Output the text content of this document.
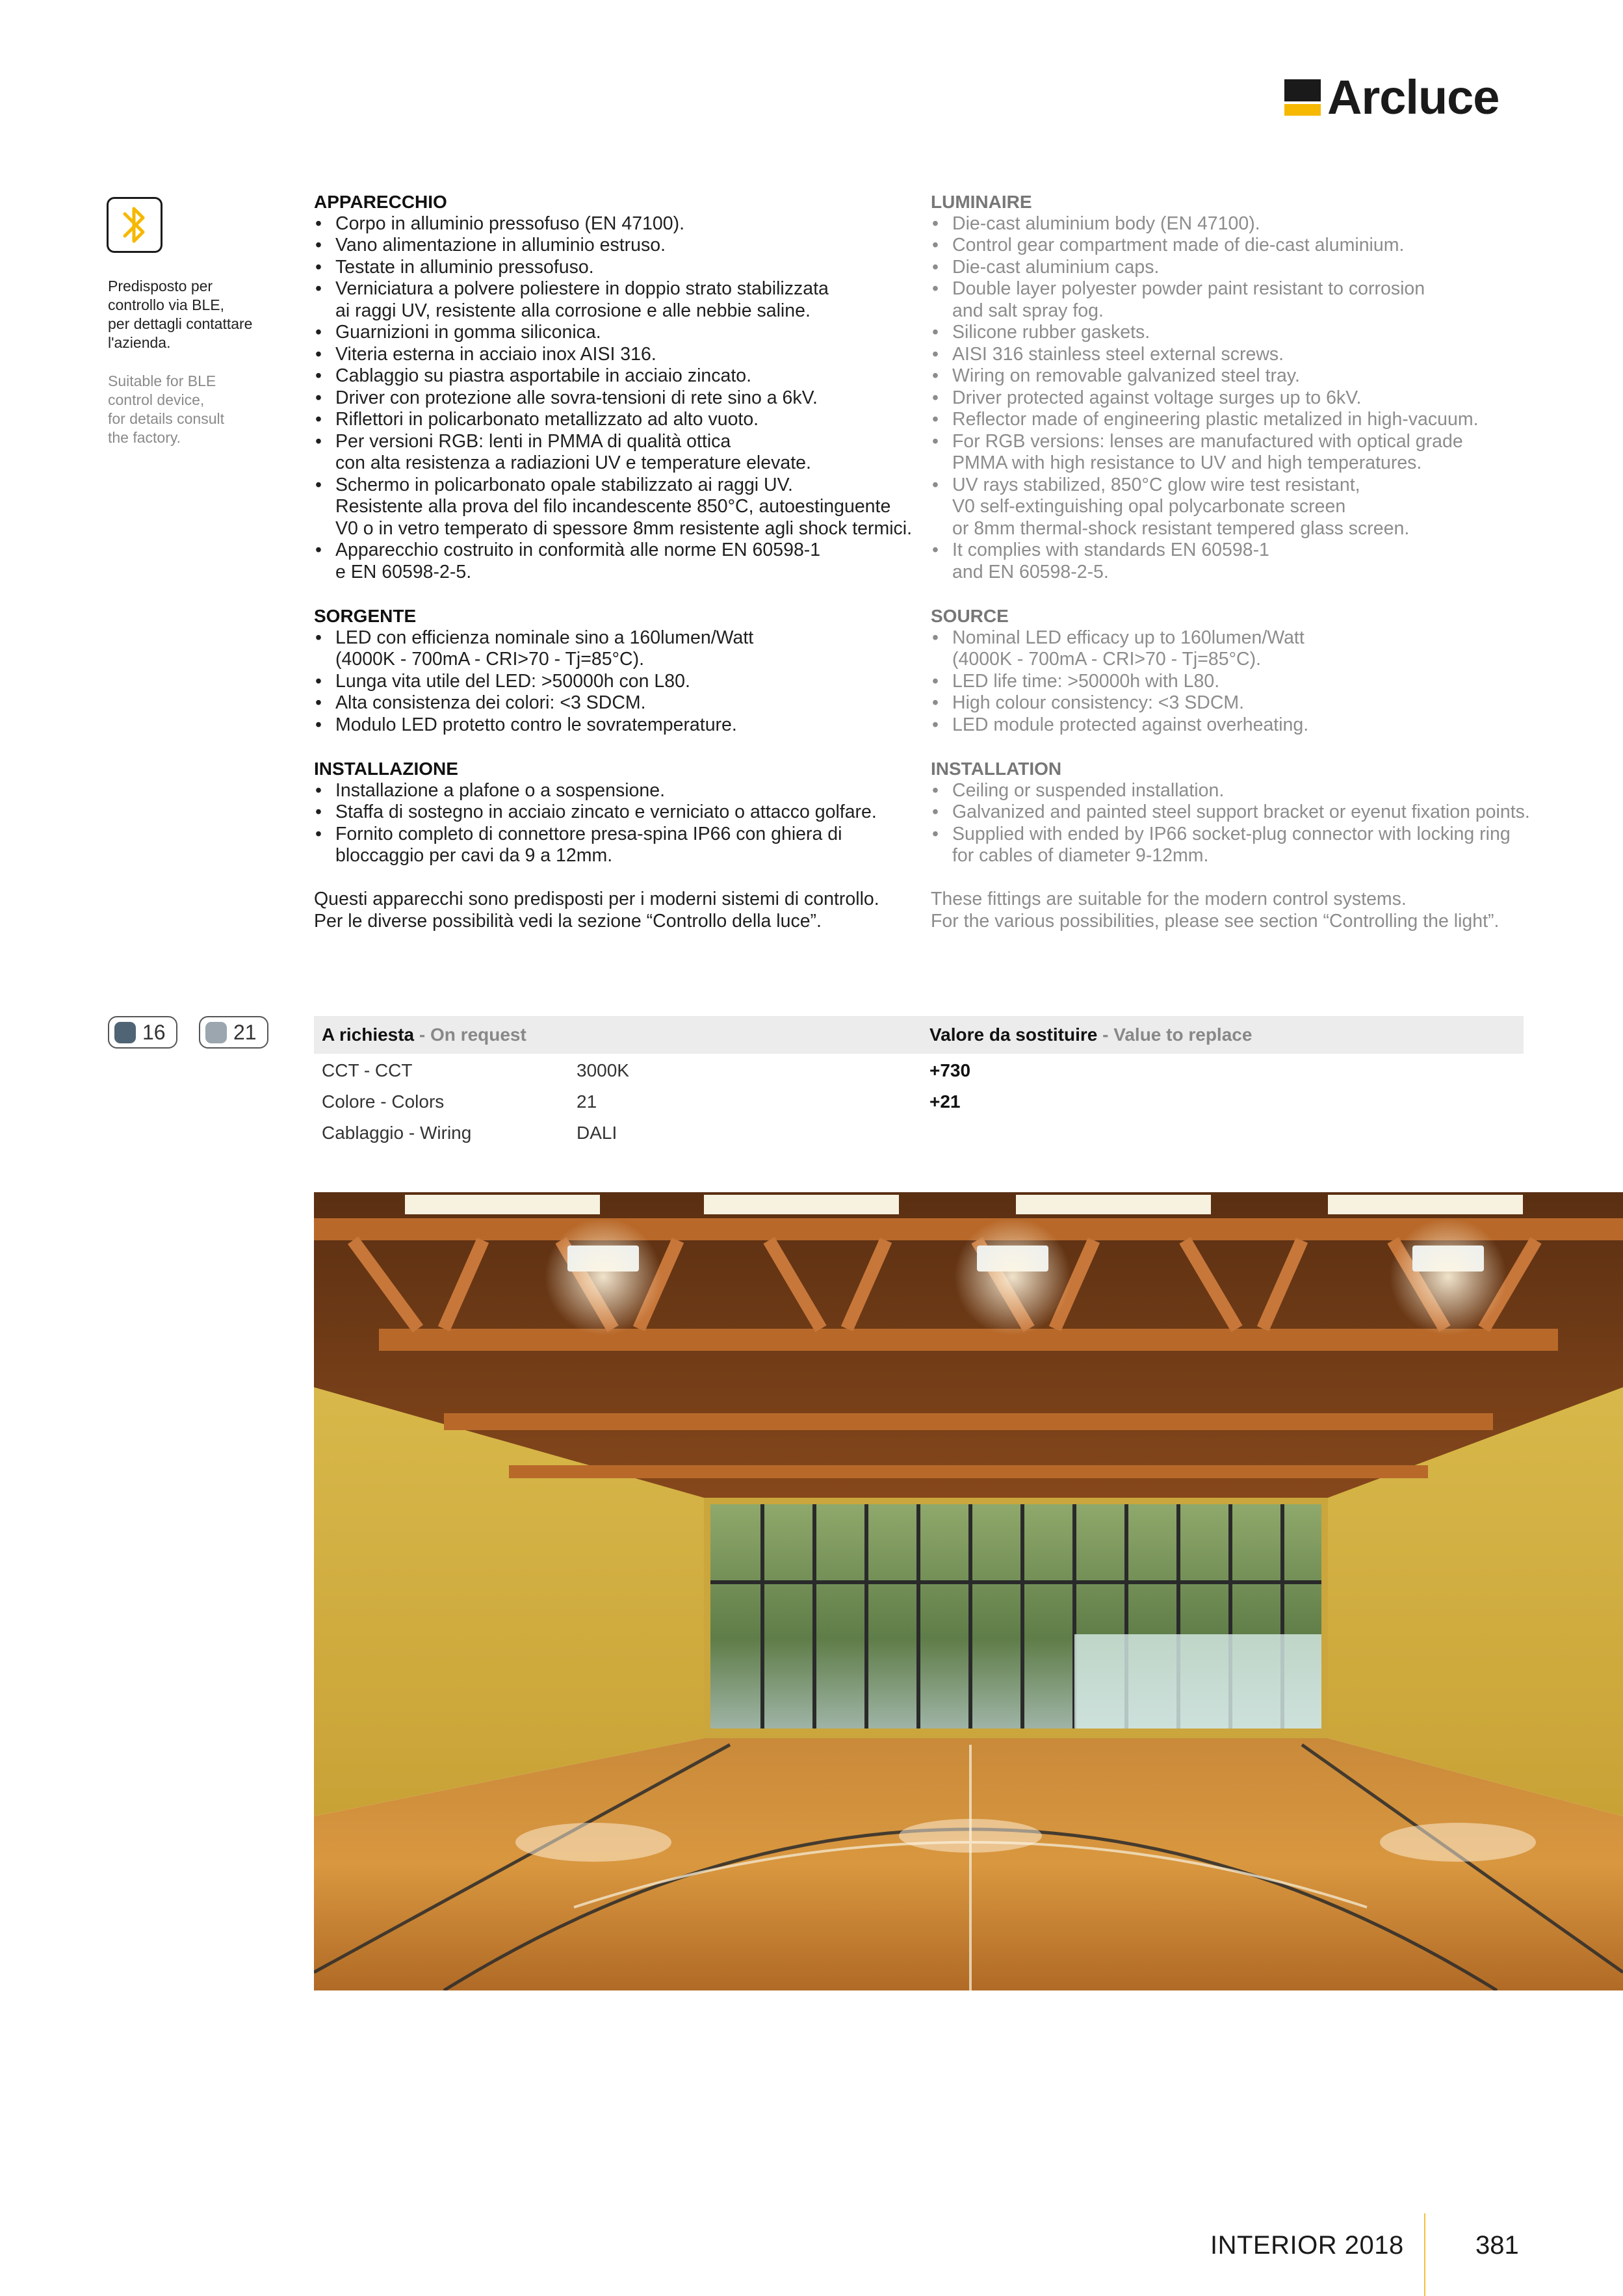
Arcluce
Predisposto per
controllo via BLE,
per dettagli contattare
l'azienda.
Suitable for BLE
control device,
for details consult
the factory.
APPARECCHIO
• Corpo in alluminio pressofuso (EN 47100).
• Vano alimentazione in alluminio estruso.
• Testate in alluminio pressofuso.
• Verniciatura a polvere poliestere in doppio strato stabilizzata
ai raggi UV, resistente alla corrosione e alle nebbie saline.
• Guarnizioni in gomma siliconica.
• Viteria esterna in acciaio inox AISI 316.
• Cablaggio su piastra asportabile in acciaio zincato.
• Driver con protezione alle sovra-tensioni di rete sino a 6kV.
• Riflettori in policarbonato metallizzato ad alto vuoto.
• Per versioni RGB: lenti in PMMA di qualità ottica
con alta resistenza a radiazioni UV e temperature elevate.
• Schermo in policarbonato opale stabilizzato ai raggi UV.
Resistente alla prova del filo incandescente 850°C, autoestinguente
V0 o in vetro temperato di spessore 8mm resistente agli shock termici.
• Apparecchio costruito in conformità alle norme EN 60598-1
e EN 60598-2-5.
SORGENTE
• LED con efficienza nominale sino a 160lumen/Watt
(4000K - 700mA - CRI>70 - Tj=85°C).
• Lunga vita utile del LED: >50000h con L80.
• Alta consistenza dei colori: <3 SDCM.
• Modulo LED protetto contro le sovratemperature.
INSTALLAZIONE
• Installazione a plafone o a sospensione.
• Staffa di sostegno in acciaio zincato e verniciato o attacco golfare.
• Fornito completo di connettore presa-spina IP66 con ghiera di
bloccaggio per cavi da 9 a 12mm.

Questi apparecchi sono predisposti per i moderni sistemi di controllo.

Per le diverse possibilità vedi la sezione “Controllo della luce”.

LUMINAIRE
• Die-cast aluminium body (EN 47100).
• Control gear compartment made of die-cast aluminium.
• Die-cast aluminium caps.
• Double layer polyester powder paint resistant to corrosion
and salt spray fog.
• Silicone rubber gaskets.
• AISI 316 stainless steel external screws.
• Wiring on removable galvanized steel tray.
• Driver protected against voltage surges up to 6kV.
• Reflector made of engineering plastic metalized in high-vacuum.
• For RGB versions: lenses are manufactured with optical grade
PMMA with high resistance to UV and high temperatures.
• UV rays stabilized, 850°C glow wire test resistant,
V0 self-extinguishing opal polycarbonate screen
or 8mm thermal-shock resistant tempered glass screen.
• It complies with standards EN 60598-1
and EN 60598-2-5.
SOURCE
• Nominal LED efficacy up to 160lumen/Watt
(4000K - 700mA - CRI>70 - Tj=85°C).
• LED life time: >50000h with L80.
• High colour consistency: <3 SDCM.
• LED module protected against overheating.
INSTALLATION
• Ceiling or suspended installation.
• Galvanized and painted steel support bracket or eyenut fixation points.
• Supplied with ended by IP66 socket-plug connector with locking ring
for cables of diameter 9-12mm.

These fittings are suitable for the modern control systems.

For the various possibilities, please see section “Controlling the light”.

16	21	A richiesta - On request	Valore da sostituire - Value to replace
CCT - CCT	3000K	+730
Colore - Colors	21	+21
Cablaggio - Wiring	DALI
INTERIOR 2018	381
